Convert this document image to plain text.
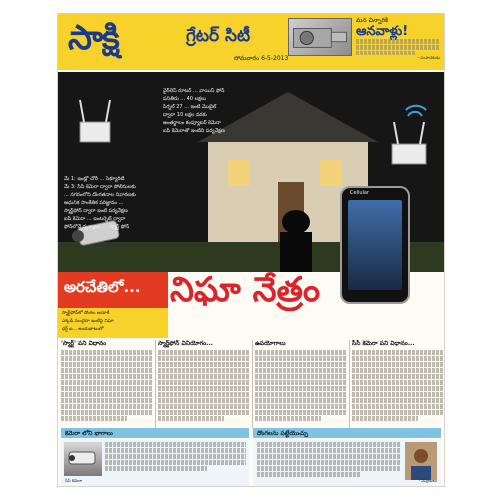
సాక్షి	గ్రేటర్ సిటీ
సోమవారం 6-5-2013
మన చిన్నారికి
ఆనవాళ్లు!
- సంపాదకుడు

వైర్‌లెస్ రూటర్ ... వాయిస్ ఫోన్

పనితీరు ... 40 లక్షలు

సిగ్నల్ 27 ... ఇంటి మొబైల్

ద్వారా 10 లక్షల వరకు

అంతర్జాలం కంప్యూటర్ కెమెరా

ఐపీ కెమెరాతో ఇంటిని పర్యవేక్షణ

మే 1: ఇంట్లో చోరీ ... సెక్యూరిటీ

మే 3: సీసీ కెమెరా ద్వారా పోలీసులకు

... నగరంలోని దొంగతనాల నివారణకు

ఆధునిక సాంకేతిక పరిజ్ఞానం ...

స్మార్ట్‌ఫోన్ ద్వారా ఇంటి పర్యవేక్షణ

ఐపీ కెమెరా ... ఇంటర్నెట్ ద్వారా

ఫోన్‌లోనే దృశ్యాలు ... -స్మార్ట్ ఫోన్

Cellular
అరచేతిలో... నిఘా నేత్రం

స్మార్ట్‌ఫోన్‌లో దొంగల ఆచూకీ

ఎక్కడి నుంచైనా ఇంటిపై నిఘా

ధర్డ్ ఐ... అందుబాటులో

'స్మార్ట్' పని విధానం	స్మార్ట్‌ఫోన్ వినియోగం...	ఉపయోగాలు	సీసీ కెమెరా పని విధానం...
కెమెరా లోని భాగాలు
సీసీ కెమెరా
దొంగలను పట్టేయొచ్చు
- నిపుణులు
